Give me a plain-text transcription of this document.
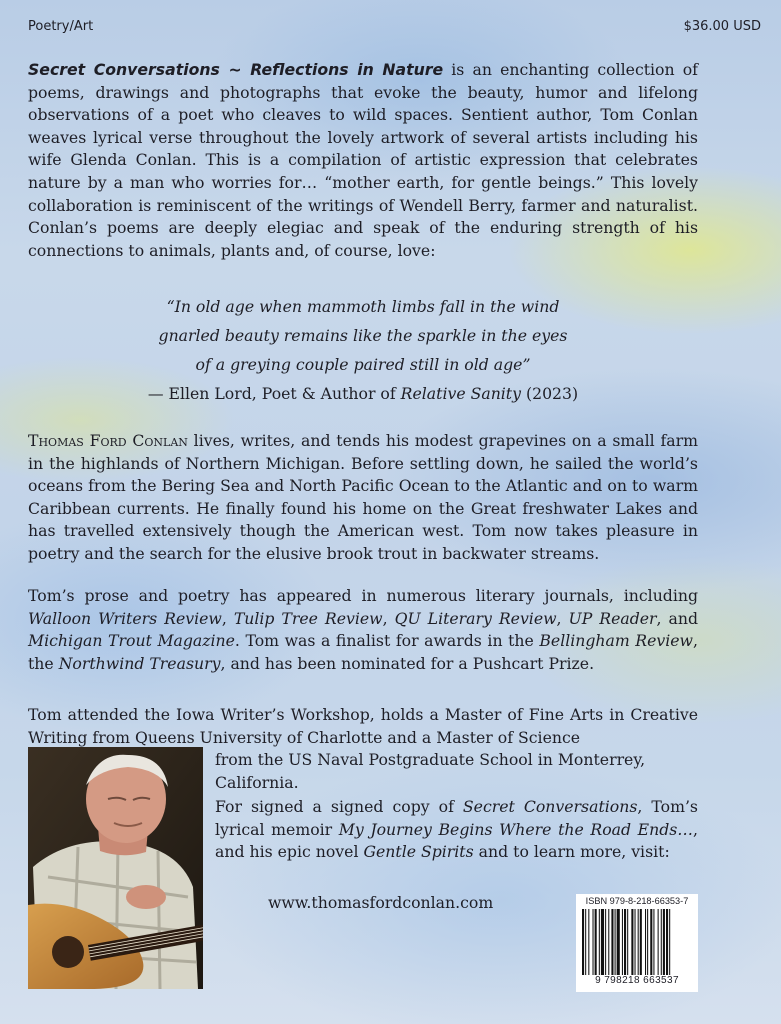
Poetry/Art	$36.00 USD
Secret Conversations ~ Reflections in Nature is an enchanting collection of poems, drawings and photographs that evoke the beauty, humor and lifelong observations of a poet who cleaves to wild spaces. Sentient author, Tom Conlan weaves lyrical verse throughout the lovely artwork of several artists including his wife Glenda Conlan. This is a compilation of artistic expression that celebrates nature by a man who worries for… “mother earth, for gentle beings.” This lovely collaboration is reminiscent of the writings of Wendell Berry, farmer and naturalist. Conlan’s poems are deeply elegiac and speak of the enduring strength of his connections to animals, plants and, of course, love:
“In old age when mammoth limbs fall in the wind
gnarled beauty remains like the sparkle in the eyes
of a greying couple paired still in old age”
— Ellen Lord, Poet & Author of Relative Sanity (2023)
Thomas Ford Conlan lives, writes, and tends his modest grapevines on a small farm in the highlands of Northern Michigan. Before settling down, he sailed the world’s oceans from the Bering Sea and North Pacific Ocean to the Atlantic and on to warm Caribbean currents. He finally found his home on the Great freshwater Lakes and has travelled extensively though the American west. Tom now takes pleasure in poetry and the search for the elusive brook trout in backwater streams.
Tom’s prose and poetry has appeared in numerous literary journals, including Walloon Writers Review, Tulip Tree Review, QU Literary Review, UP Reader, and Michigan Trout Magazine. Tom was a finalist for awards in the Bellingham Review, the Northwind Treasury, and has been nominated for a Pushcart Prize.
Tom attended the Iowa Writer’s Workshop, holds a Master of Fine Arts in Creative Writing from Queens University of Charlotte and a Master of Science
from the US Naval Postgraduate School in Monterrey, California.
For signed a signed copy of Secret Conversations, Tom’s lyrical memoir My Journey Begins Where the Road Ends…, and his epic novel Gentle Spirits and to learn more, visit:
www.thomasfordconlan.com	ISBN 979-8-218-66353-7
9 798218 663537
